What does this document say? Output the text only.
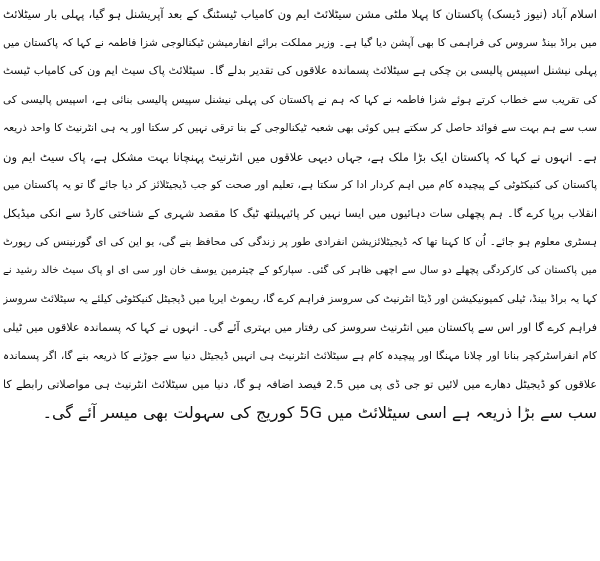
اسلام آباد (نیوز ڈیسک) پاکستان کا پہلا ملٹی مشن سیٹلائٹ ایم ون کامیاب ٹیسٹنگ کے بعد آپریشنل ہو گیا، پہلی بار سیٹلائٹ
میں براڈ بینڈ سروس کی فراہمی کا بھی آپشن دیا گیا ہے۔ وزیر مملکت برائے انفارمیشن ٹیکنالوجی شزا فاطمہ نے کہا کہ پاکستان میں
پہلی نیشنل اسپیس پالیسی بن چکی ہے سیٹلائٹ پسماندہ علاقوں کی تقدیر بدلے گا۔ سیٹلائٹ پاک سیٹ ایم ون کی کامیاب ٹیسٹ
کی تقریب سے خطاب کرتے ہوئے شزا فاطمہ نے کہا کہ ہم نے پاکستان کی پہلی نیشنل سپیس پالیسی بنائی ہے، اسپیس پالیسی کی
سب سے ہم بہت سے فوائد حاصل کر سکتے ہیں کوئی بھی شعبہ ٹیکنالوجی کے بنا ترقی نہیں کر سکتا اور یہ ہی انٹرنیٹ کا واحد ذریعہ
ہے۔ انہوں نے کہا کہ پاکستان ایک بڑا ملک ہے، جہاں دیہی علاقوں میں انٹرنیٹ پہنچانا بہت مشکل ہے، پاک سیٹ ایم ون
پاکستان کی کنیکٹوٹی کے پیچیدہ کام میں اہم کردار ادا کر سکتا ہے، تعلیم اور صحت کو جب ڈیجیٹلائز کر دیا جائے گا تو یہ پاکستان میں
انقلاب برپا کرے گا۔ ہم پچھلی سات دہائیوں میں ایسا نہیں کر پائیہیلتھ ٹیگ کا مقصد شہری کے شناختی کارڈ سے انکی میڈیکل
ہسٹری معلوم ہو جائے۔ اُن کا کہنا تھا کہ ڈیجیٹلائزیشن انفرادی طور پر زندگی کی محافظ بنے گی، یو این کی ای گورنینس کی رپورٹ
میں پاکستان کی کارکردگی پچھلے دو سال سے اچھی ظاہر کی گئی۔ سپارکو کے چیئرمین یوسف خان اور سی ای او پاک سیٹ خالد رشید نے
کہا یہ براڈ بینڈ، ٹیلی کمیونیکیشن اور ڈیٹا انٹرنیٹ کی سروسز فراہم کرے گا، ریموٹ ایریا میں ڈیجیٹل کنیکٹوٹی کیلئے یہ سیٹلائٹ سروسز
فراہم کرے گا اور اس سے پاکستان میں انٹرنیٹ سروسز کی رفتار میں بہتری آئے گی۔ انہوں نے کہا کہ پسماندہ علاقوں میں ٹیلی
کام انفراسٹرکچر بنانا اور چلانا مہنگا اور پیچیدہ کام ہے سیٹلائٹ انٹرنیٹ ہی انہیں ڈیجیٹل دنیا سے جوڑنے کا ذریعہ بنے گا، اگر پسماندہ
علاقوں کو ڈیجیٹل دھارے میں لائیں تو جی ڈی پی میں 2.5 فیصد اضافہ ہو گا، دنیا میں سیٹلائٹ انٹرنیٹ ہی مواصلاتی رابطے کا
سب سے بڑا ذریعہ ہے اسی سیٹلائٹ میں 5G کوریج کی سہولت بھی میسر آئے گی۔
